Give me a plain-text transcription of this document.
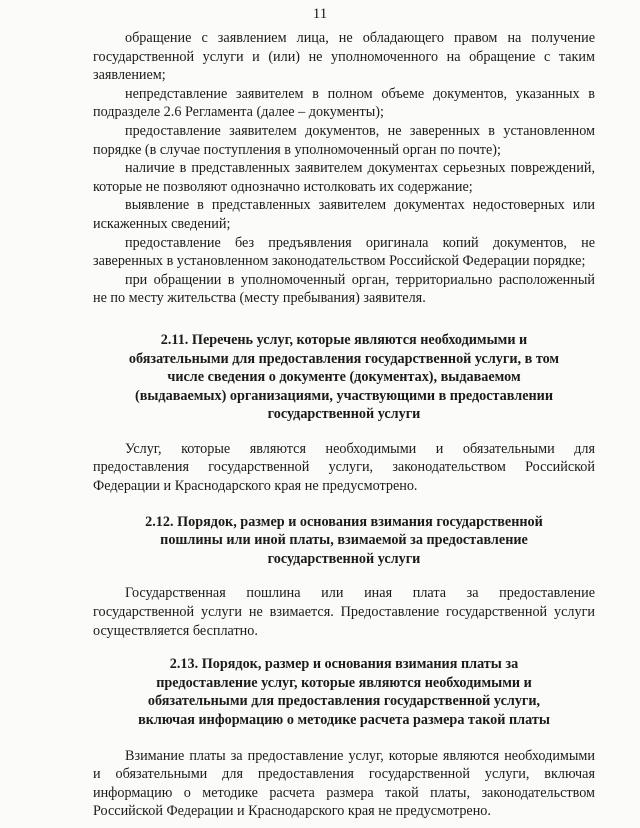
11

обращение с заявлением лица, не обладающего правом на получение государственной услуги и (или) не уполномоченного на обращение с таким заявлением;

непредставление заявителем в полном объеме документов, указанных в подразделе 2.6 Регламента (далее – документы);

предоставление заявителем документов, не заверенных в установленном порядке (в случае поступления в уполномоченный орган по почте);

наличие в представленных заявителем документах серьезных повреждений, которые не позволяют однозначно истолковать их содержание;

выявление в представленных заявителем документах недостоверных или искаженных сведений;

предоставление без предъявления оригинала копий документов, не заверенных в установленном законодательством Российской Федерации порядке;

при обращении в уполномоченный орган, территориально расположенный не по месту жительства (месту пребывания) заявителя.

2.11. Перечень услуг, которые являются необходимыми и обязательными для предоставления государственной услуги, в том числе сведения о документе (документах), выдаваемом (выдаваемых) организациями, участвующими в предоставлении государственной услуги

Услуг, которые являются необходимыми и обязательными для предоставления государственной услуги, законодательством Российской Федерации и Краснодарского края не предусмотрено.

2.12. Порядок, размер и основания взимания государственной пошлины или иной платы, взимаемой за предоставление государственной услуги

Государственная пошлина или иная плата за предоставление государственной услуги не взимается. Предоставление государственной услуги осуществляется бесплатно.

2.13. Порядок, размер и основания взимания платы за предоставление услуг, которые являются необходимыми и обязательными для предоставления государственной услуги, включая информацию о методике расчета размера такой платы

Взимание платы за предоставление услуг, которые являются необходимыми и обязательными для предоставления государственной услуги, включая информацию о методике расчета размера такой платы, законодательством Российской Федерации и Краснодарского края не предусмотрено.
